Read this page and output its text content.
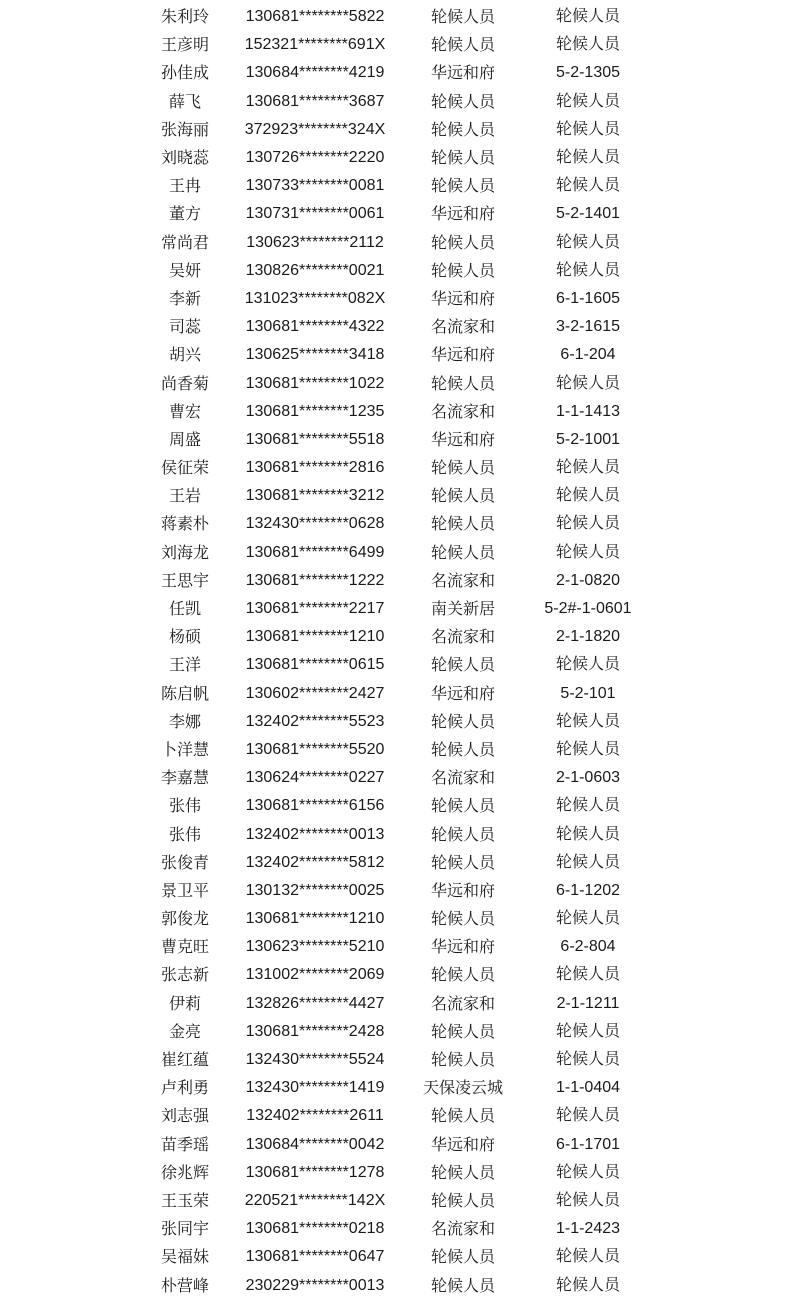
朱利玲	130681********5822	轮候人员	轮候人员
王彦明	152321********691X	轮候人员	轮候人员
孙佳成	130684********4219	华远和府	5-2-1305
薛飞	130681********3687	轮候人员	轮候人员
张海丽	372923********324X	轮候人员	轮候人员
刘晓蕊	130726********2220	轮候人员	轮候人员
王冉	130733********0081	轮候人员	轮候人员
董方	130731********0061	华远和府	5-2-1401
常尚君	130623********2112	轮候人员	轮候人员
吴妍	130826********0021	轮候人员	轮候人员
李新	131023********082X	华远和府	6-1-1605
司蕊	130681********4322	名流家和	3-2-1615
胡兴	130625********3418	华远和府	6-1-204
尚香菊	130681********1022	轮候人员	轮候人员
曹宏	130681********1235	名流家和	1-1-1413
周盛	130681********5518	华远和府	5-2-1001
侯征荣	130681********2816	轮候人员	轮候人员
王岩	130681********3212	轮候人员	轮候人员
蒋素朴	132430********0628	轮候人员	轮候人员
刘海龙	130681********6499	轮候人员	轮候人员
王思宇	130681********1222	名流家和	2-1-0820
任凯	130681********2217	南关新居	5-2#-1-0601
杨硕	130681********1210	名流家和	2-1-1820
王洋	130681********0615	轮候人员	轮候人员
陈启帆	130602********2427	华远和府	5-2-101
李娜	132402********5523	轮候人员	轮候人员
卜洋慧	130681********5520	轮候人员	轮候人员
李嘉慧	130624********0227	名流家和	2-1-0603
张伟	130681********6156	轮候人员	轮候人员
张伟	132402********0013	轮候人员	轮候人员
张俊青	132402********5812	轮候人员	轮候人员
景卫平	130132********0025	华远和府	6-1-1202
郭俊龙	130681********1210	轮候人员	轮候人员
曹克旺	130623********5210	华远和府	6-2-804
张志新	131002********2069	轮候人员	轮候人员
伊莉	132826********4427	名流家和	2-1-1211
金亮	130681********2428	轮候人员	轮候人员
崔红蕴	132430********5524	轮候人员	轮候人员
卢利勇	132430********1419	天保凌云城	1-1-0404
刘志强	132402********2611	轮候人员	轮候人员
苗季瑶	130684********0042	华远和府	6-1-1701
徐兆辉	130681********1278	轮候人员	轮候人员
王玉荣	220521********142X	轮候人员	轮候人员
张同宇	130681********0218	名流家和	1-1-2423
吴福妹	130681********0647	轮候人员	轮候人员
朴营峰	230229********0013	轮候人员	轮候人员
